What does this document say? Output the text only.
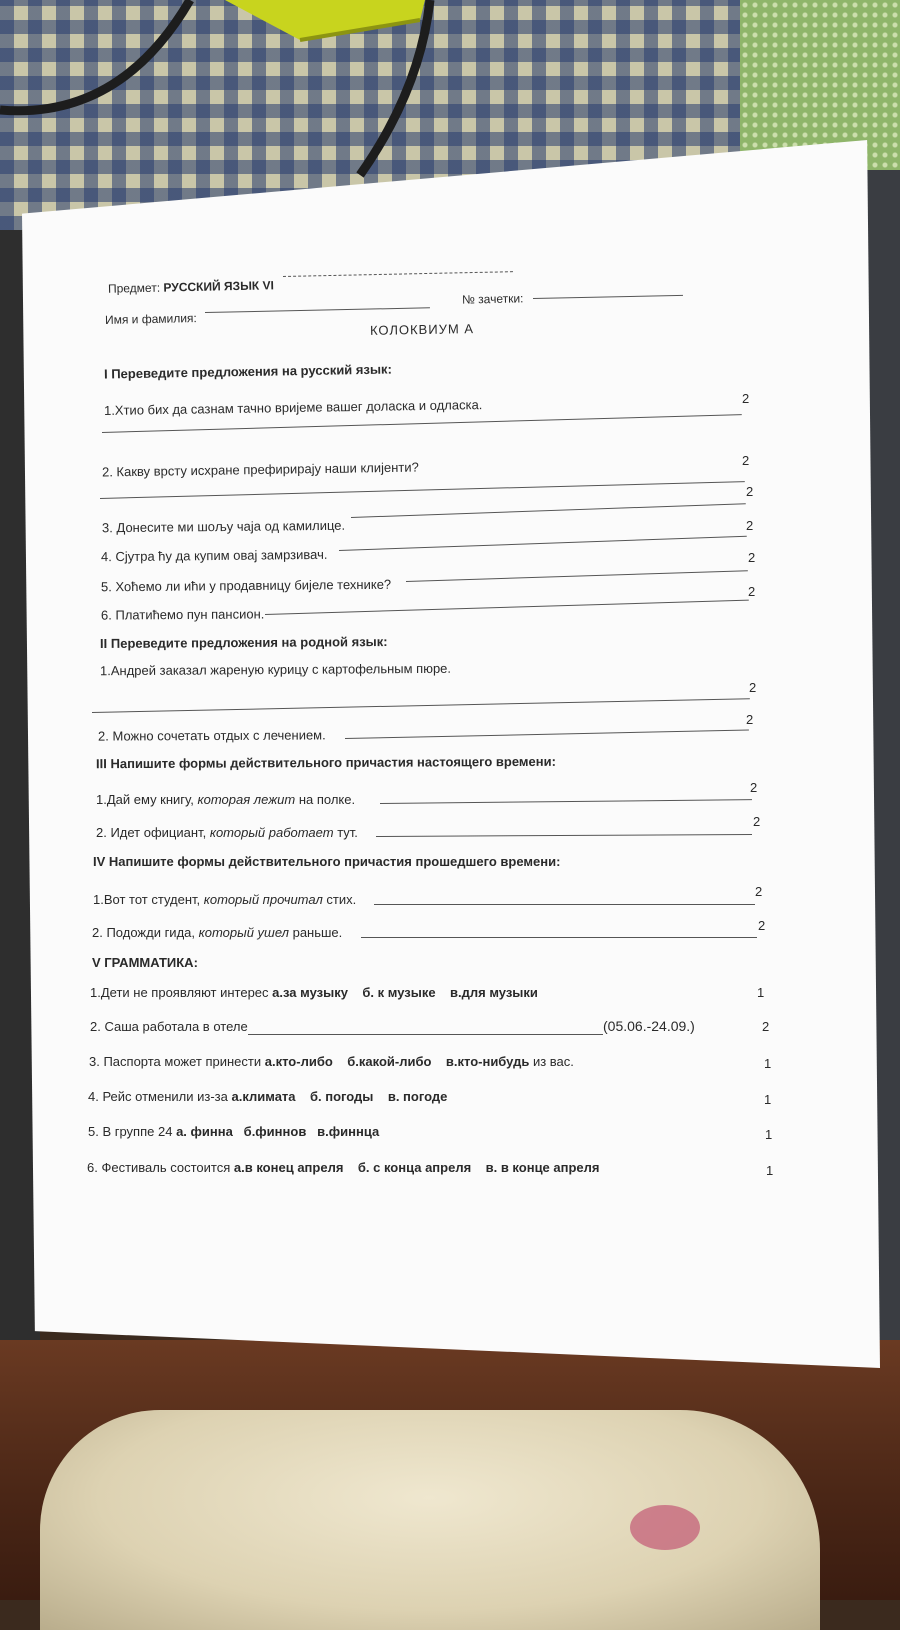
Предмет: РУССКИЙ ЯЗЫК VI
Имя и фамилия:
№ зачетки:
КОЛОКВИУМ А
I Переведите предложения на русский язык:
1.Хтио бих да сазнам тачно вријеме вашег доласка и одласка.	2
2. Какву врсту исхране префирирају наши клијенти?	2
2
3. Донесите ми шољу чаја од камилице.	2
4. Сјутра ћу да купим овај замрзивач.	2
5. Хоћемо ли ићи у продавницу бијеле технике?	2
6. Платићемо пун пансион.
II Переведите предложения на родной язык:
1.Андрей заказал жареную курицу с картофельным пюре.
2
2. Можно сочетать отдых с лечением.
2
III Напишите формы действительного причастия настоящего времени:
1.Дай ему книгу, которая лежит на полке.
2
2. Идет официант, который работает тут.
2
IV Напишите формы действительного причастия прошедшего времени:
1.Вот тот студент, который прочитал стих.
2
2. Подожди гида, который ушел раньше.	2
V ГРАММАТИКА:
1.Дети не проявляют интерес а.за музыку    б. к музыке    в.для музыки	1
2. Саша работала в отеле	(05.06.-24.09.)	2
3. Паспорта может принести а.кто-либо    б.какой-либо    в.кто-нибудь из вас.	1
4. Рейс отменили из-за а.климата    б. погоды    в. погоде	1
5. В группе 24 а. финна   б.финнов   в.финнца	1
6. Фестиваль состоится а.в конец апреля    б. с конца апреля    в. в конце апреля	1
